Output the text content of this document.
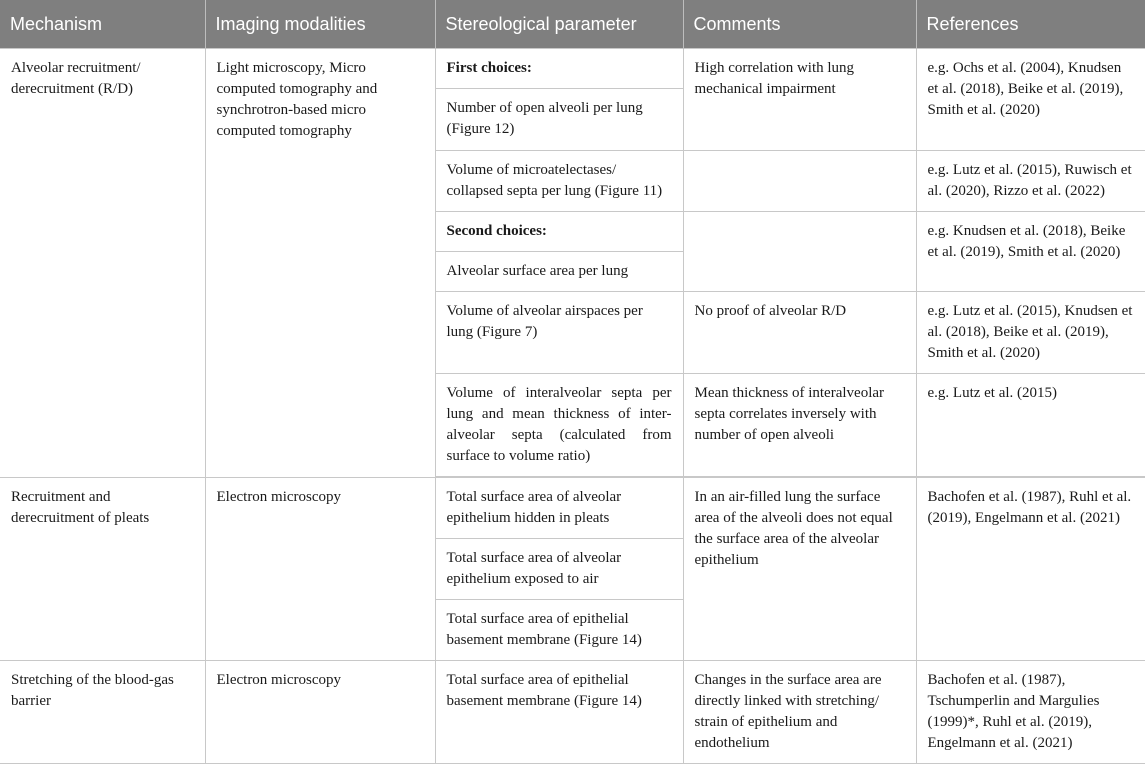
Mechanism	Imaging modalities	Stereological parameter	Comments	References
Alveolar recruitment/ derecruitment (R/D)	Light microscopy, Micro computed tomography and synchrotron-based micro computed tomography	First choices:	High correlation with lung mechanical impairment	e.g. Ochs et al. (2004), Knudsen et al. (2018), Beike et al. (2019), Smith et al. (2020)
		Number of open alveoli per lung (Figure 12)		
		Volume of microatelectases/ collapsed septa per lung (Figure 11)		e.g. Lutz et al. (2015), Ruwisch et al. (2020), Rizzo et al. (2022)
		Second choices:		e.g. Knudsen et al. (2018), Beike et al. (2019), Smith et al. (2020)
		Alveolar surface area per lung		
		Volume of alveolar airspaces per lung (Figure 7)	No proof of alveolar R/D	e.g. Lutz et al. (2015), Knudsen et al. (2018), Beike et al. (2019), Smith et al. (2020)
		Volume of interalveolar septa per lung and mean thickness of inter-alveolar septa (calculated from surface to volume ratio)	Mean thickness of interalveolar septa correlates inversely with number of open alveoli	e.g. Lutz et al. (2015)

Recruitment and derecruitment of pleats	Electron microscopy	Total surface area of alveolar epithelium hidden in pleats	In an air-filled lung the surface area of the alveoli does not equal the surface area of the alveolar epithelium	Bachofen et al. (1987), Ruhl et al. (2019), Engelmann et al. (2021)
		Total surface area of alveolar epithelium exposed to air		
		Total surface area of epithelial basement membrane (Figure 14)		
Stretching of the blood-gas barrier	Electron microscopy	Total surface area of epithelial basement membrane (Figure 14)	Changes in the surface area are directly linked with stretching/ strain of epithelium and endothelium	Bachofen et al. (1987), Tschumperlin and Margulies (1999)*, Ruhl et al. (2019), Engelmann et al. (2021)
